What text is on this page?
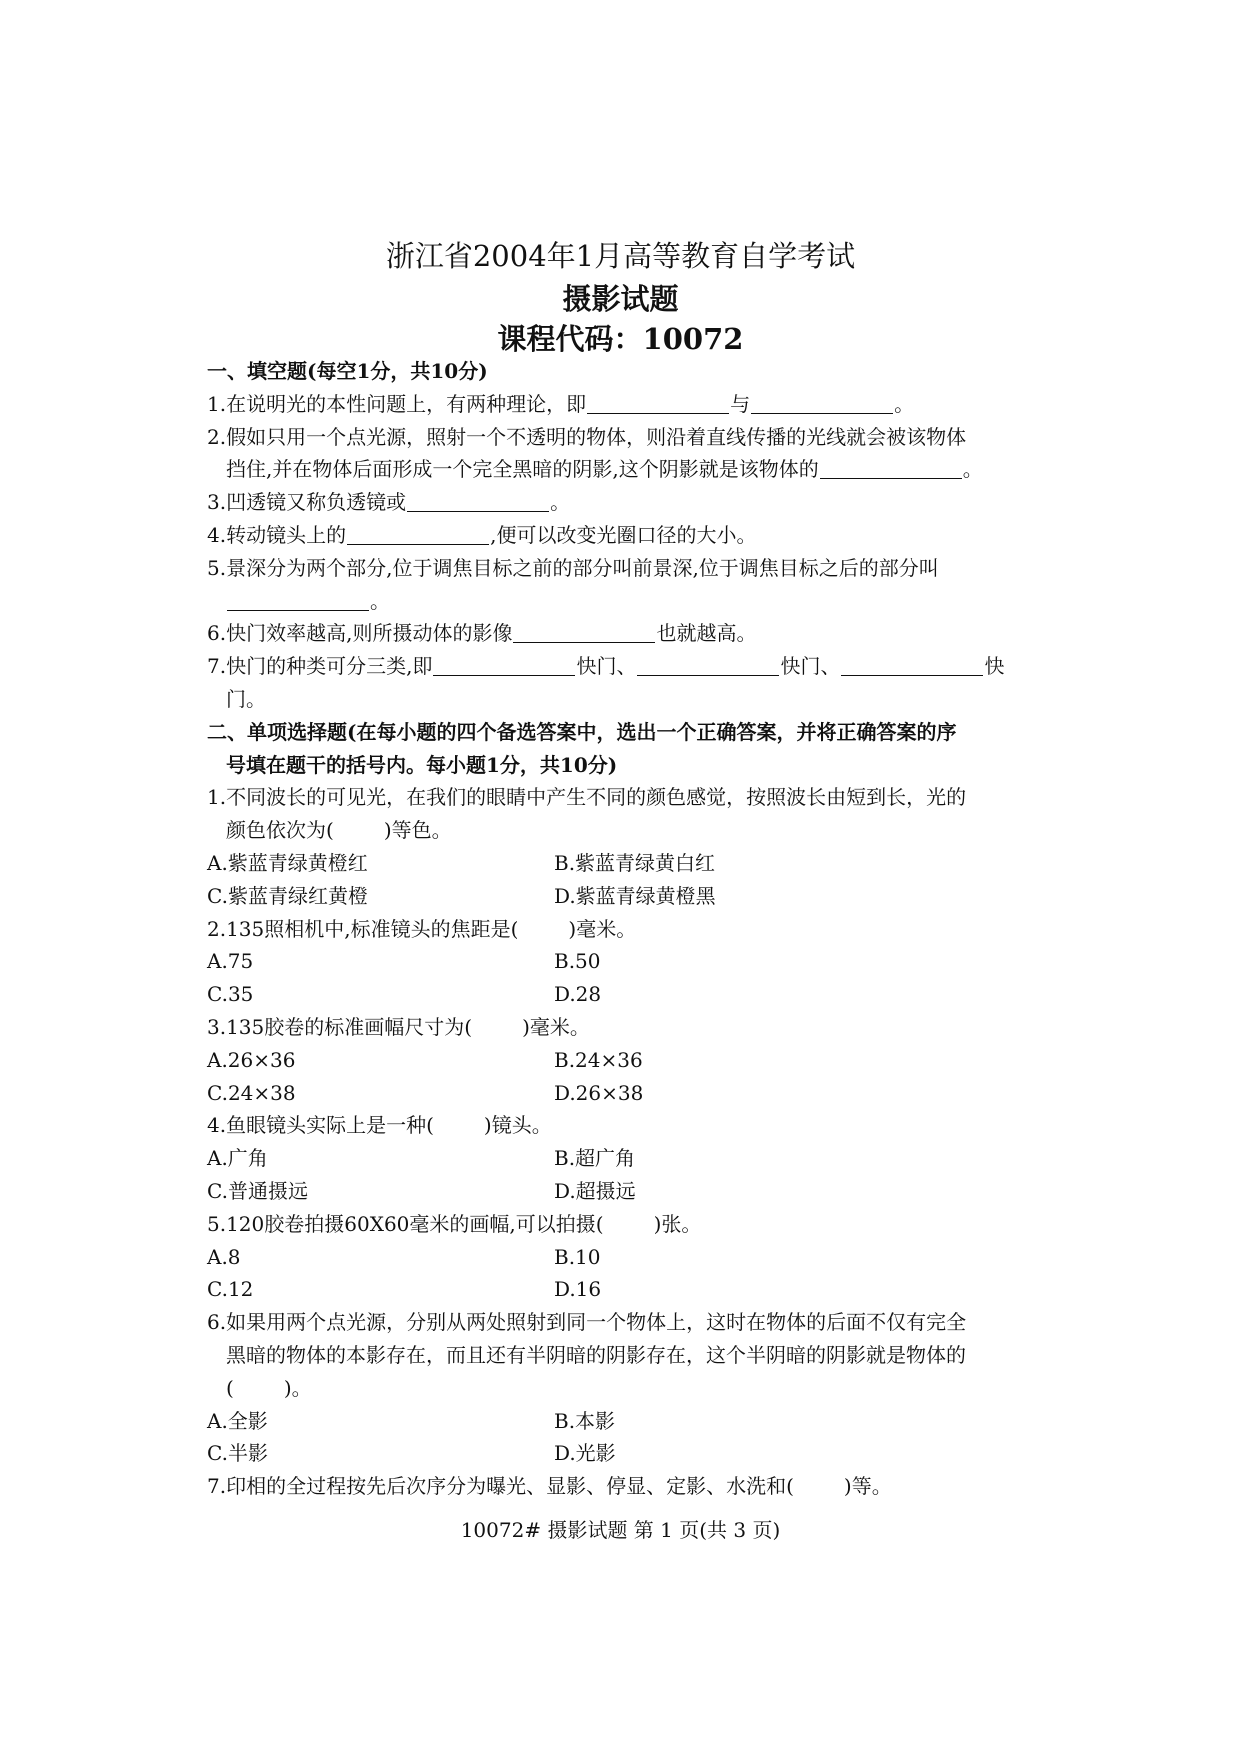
浙江省2004年1月高等教育自学考试
摄影试题
课程代码：10072
一、填空题(每空1分，共10分)
1.在说明光的本性问题上，有两种理论，即	与	。
2.假如只用一个点光源，照射一个不透明的物体，则沿着直线传播的光线就会被该物体
挡住,并在物体后面形成一个完全黑暗的阴影,这个阴影就是该物体的	。
3.凹透镜又称负透镜或	。
4.转动镜头上的	,便可以改变光圈口径的大小。
5.景深分为两个部分,位于调焦目标之前的部分叫前景深,位于调焦目标之后的部分叫
。
6.快门效率越高,则所摄动体的影像	也就越高。
7.快门的种类可分三类,即	快门、	快门、	快
门。
二、单项选择题(在每小题的四个备选答案中，选出一个正确答案，并将正确答案的序
号填在题干的括号内。每小题1分，共10分)
1.不同波长的可见光，在我们的眼睛中产生不同的颜色感觉，按照波长由短到长，光的
颜色依次为(	)等色。
A.紫蓝青绿黄橙红	B.紫蓝青绿黄白红
C.紫蓝青绿红黄橙	D.紫蓝青绿黄橙黑
2.135照相机中,标准镜头的焦距是(	)毫米。
A.75	B.50
C.35	D.28
3.135胶卷的标准画幅尺寸为(	)毫米。
A.26×36	B.24×36
C.24×38	D.26×38
4.鱼眼镜头实际上是一种(	)镜头。
A.广角	B.超广角
C.普通摄远	D.超摄远
5.120胶卷拍摄60X60毫米的画幅,可以拍摄(	)张。
A.8	B.10
C.12	D.16
6.如果用两个点光源，分别从两处照射到同一个物体上，这时在物体的后面不仅有完全
黑暗的物体的本影存在，而且还有半阴暗的阴影存在，这个半阴暗的阴影就是物体的
(	)。
A.全影	B.本影
C.半影	D.光影
7.印相的全过程按先后次序分为曝光、显影、停显、定影、水洗和(	)等。
10072# 摄影试题 第 1 页(共 3 页)
